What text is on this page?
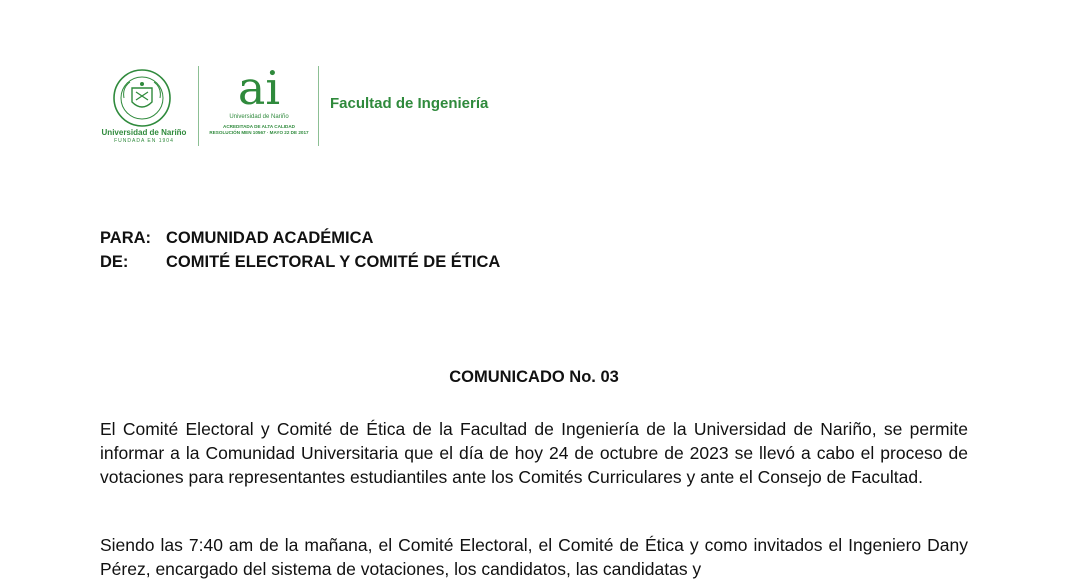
Universidad de Nariño
FUNDADA EN 1904
ai
Universidad de Nariño
ACREDITADA DE ALTA CALIDAD
RESOLUCIÓN MEN 10567 · MAYO 22 DE 2017
Facultad de Ingeniería
PARA: COMUNIDAD ACADÉMICA
DE: COMITÉ ELECTORAL Y COMITÉ DE ÉTICA
COMUNICADO No. 03
El Comité Electoral y Comité de Ética de la Facultad de Ingeniería de la Universidad de Nariño, se permite informar a la Comunidad Universitaria que el día de hoy 24 de octubre de 2023 se llevó a cabo el proceso de votaciones para representantes estudiantiles ante los Comités Curriculares y ante el Consejo de Facultad.
Siendo las 7:40 am de la mañana, el Comité Electoral, el Comité de Ética y como invitados el Ingeniero Dany Pérez, encargado del sistema de votaciones, los candidatos, las candidatas y
